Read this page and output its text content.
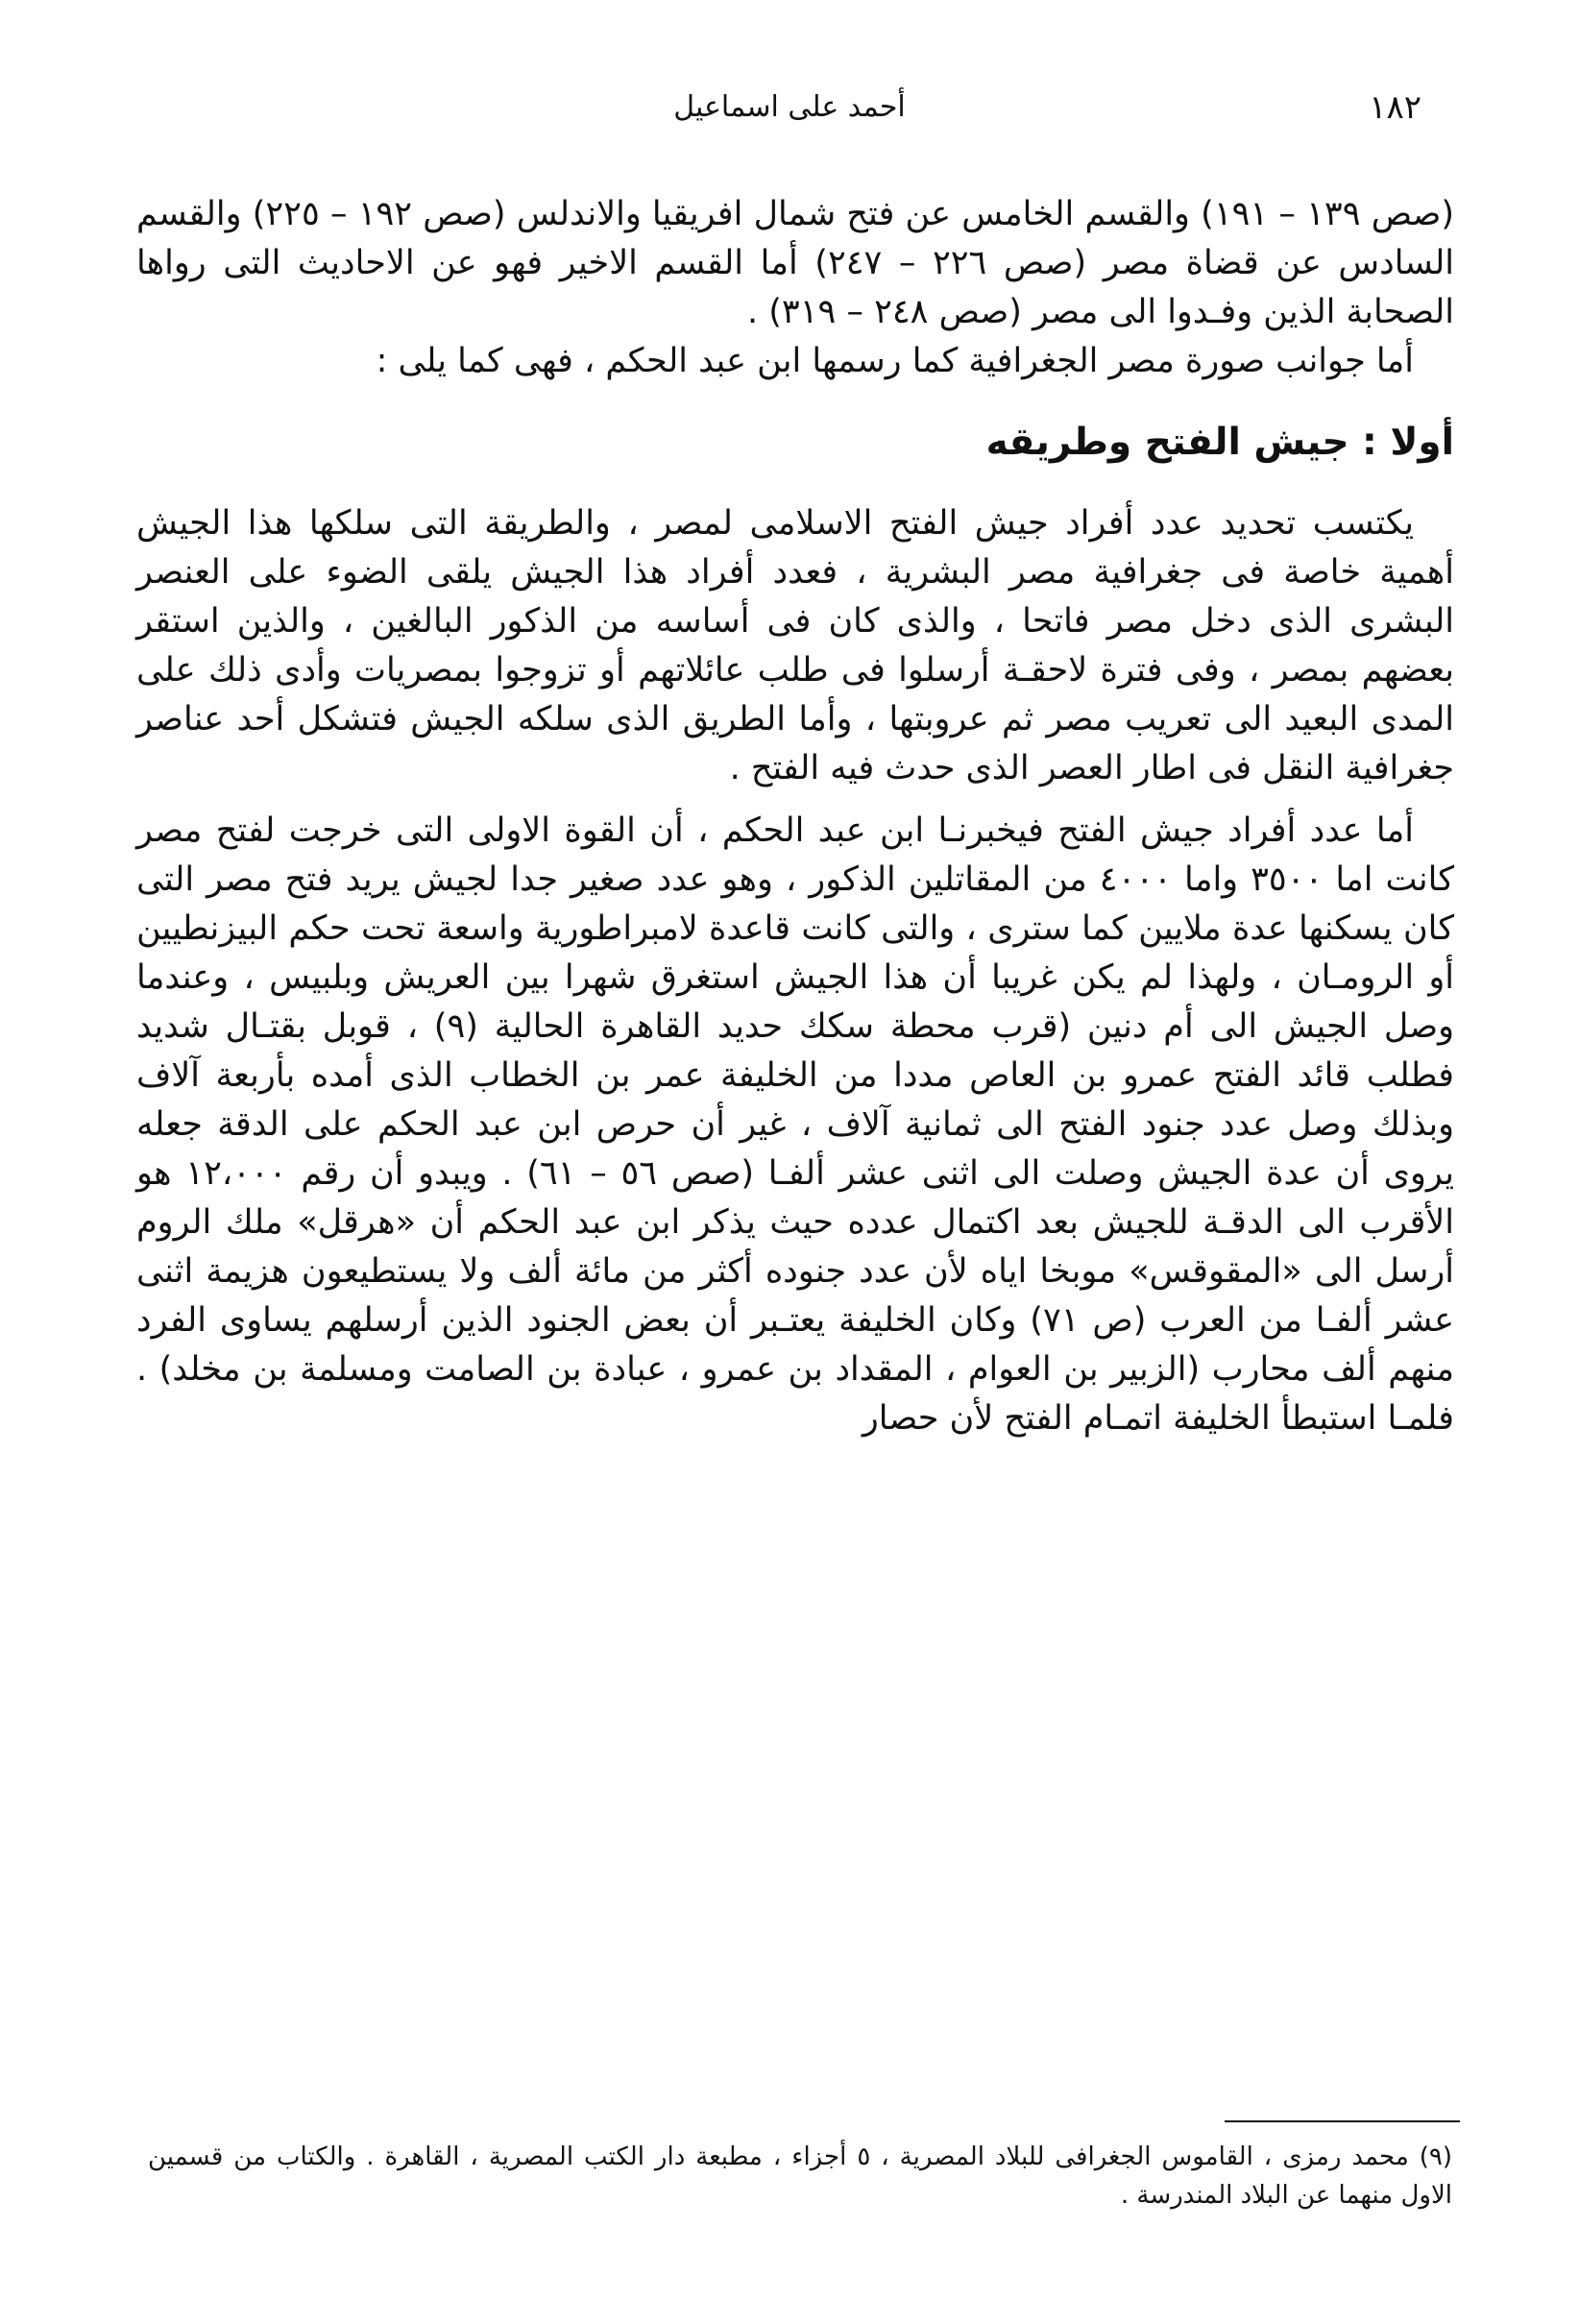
١٨٢
أحمد على اسماعيل

(صص ١٣٩ – ١٩١) والقسم الخامس عن فتح شمال افريقيا والاندلس (صص ١٩٢ – ٢٢٥) والقسم السادس عن قضاة مصر (صص ٢٢٦ – ٢٤٧) أما القسم الاخير فهو عن الاحاديث التى رواها الصحابة الذين وفـدوا الى مصر (صص ٢٤٨ – ٣١٩) .

أما جوانب صورة مصر الجغرافية كما رسمها ابن عبد الحكم ، فهى كما يلى :

أولا : جيش الفتح وطريقه

يكتسب تحديد عدد أفراد جيش الفتح الاسلامى لمصر ، والطريقة التى سلكها هذا الجيش أهمية خاصة فى جغرافية مصر البشرية ، فعدد أفراد هذا الجيش يلقى الضوء على العنصر البشرى الذى دخل مصر فاتحا ، والذى كان فى أساسه من الذكور البالغين ، والذين استقر بعضهم بمصر ، وفى فترة لاحقـة أرسلوا فى طلب عائلاتهم أو تزوجوا بمصريات وأدى ذلك على المدى البعيد الى تعريب مصر ثم عروبتها ، وأما الطريق الذى سلكه الجيش فتشكل أحد عناصر جغرافية النقل فى اطار العصر الذى حدث فيه الفتح .

أما عدد أفراد جيش الفتح فيخبرنـا ابن عبد الحكم ، أن القوة الاولى التى خرجت لفتح مصر كانت اما ٣٥٠٠ واما ٤٠٠٠ من المقاتلين الذكور ، وهو عدد صغير جدا لجيش يريد فتح مصر التى كان يسكنها عدة ملايين كما سترى ، والتى كانت قاعدة لامبراطورية واسعة تحت حكم البيزنطيين أو الرومـان ، ولهذا لم يكن غريبا أن هذا الجيش استغرق شهرا بين العريش وبلبيس ، وعندما وصل الجيش الى أم دنين (قرب محطة سكك حديد القاهرة الحالية (٩) ، قوبل بقتـال شديد فطلب قائد الفتح عمرو بن العاص مددا من الخليفة عمر بن الخطاب الذى أمده بأربعة آلاف وبذلك وصل عدد جنود الفتح الى ثمانية آلاف ، غير أن حرص ابن عبد الحكم على الدقة جعله يروى أن عدة الجيش وصلت الى اثنى عشر ألفـا (صص ٥٦ – ٦١) . ويبدو أن رقم ١٢،٠٠٠ هو الأقرب الى الدقـة للجيش بعد اكتمال عدده حيث يذكر ابن عبد الحكم أن «هرقل» ملك الروم أرسل الى «المقوقس» موبخا اياه لأن عدد جنوده أكثر من مائة ألف ولا يستطيعون هزيمة اثنى عشر ألفـا من العرب (ص ٧١) وكان الخليفة يعتـبر أن بعض الجنود الذين أرسلهم يساوى الفرد منهم ألف محارب (الزبير بن العوام ، المقداد بن عمرو ، عبادة بن الصامت ومسلمة بن مخلد) . فلمـا استبطأ الخليفة اتمـام الفتح لأن حصار

(٩) محمد رمزى ، القاموس الجغرافى للبلاد المصرية ، ٥ أجزاء ، مطبعة دار الكتب المصرية ، القاهرة . والكتاب من قسمين الاول منهما عن البلاد المندرسة .
